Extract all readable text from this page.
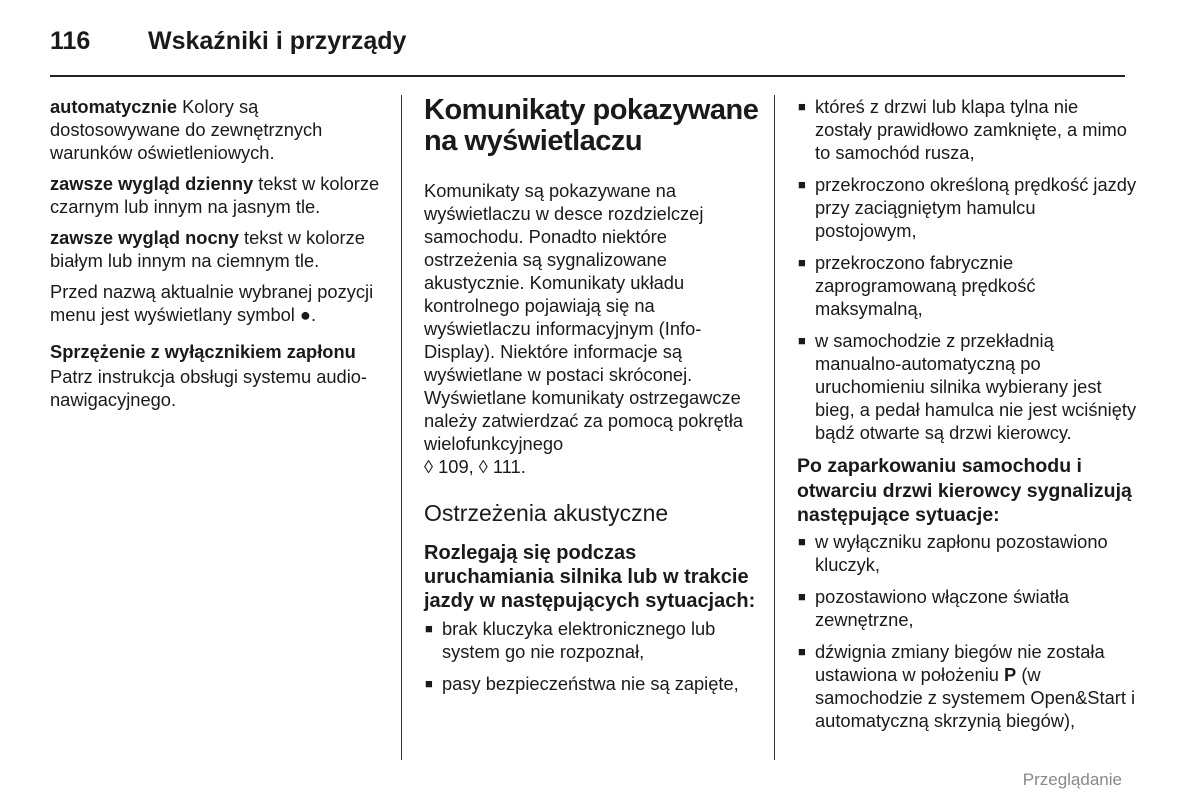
116 Wskaźniki i przyrządy

automatycznie Kolory są dostosowywane do zewnętrznych warunków oświetleniowych.

zawsze wygląd dzienny tekst w kolorze czarnym lub innym na jasnym tle.

zawsze wygląd nocny tekst w kolorze białym lub innym na ciemnym tle.

Przed nazwą aktualnie wybranej pozycji menu jest wyświetlany symbol ●.

Sprzężenie z wyłącznikiem zapłonu

Patrz instrukcja obsługi systemu audio-nawigacyjnego.

Komunikaty pokazywane na wyświetlaczu

Komunikaty są pokazywane na wyświetlaczu w desce rozdzielczej samochodu. Ponadto niektóre ostrzeżenia są sygnalizowane akustycznie. Komunikaty układu kontrolnego pojawiają się na wyświetlaczu informacyjnym (Info-Display). Niektóre informacje są wyświetlane w postaci skróconej. Wyświetlane komunikaty ostrzegawcze należy zatwierdzać za pomocą pokrętła wielofunkcyjnego
◊ 109, ◊ 111.

Ostrzeżenia akustyczne
Rozlegają się podczas uruchamiania silnika lub w trakcie jazdy w następujących sytuacjach:
■ brak kluczyka elektronicznego lub system go nie rozpoznał,
■ pasy bezpieczeństwa nie są zapięte,
■ któreś z drzwi lub klapa tylna nie zostały prawidłowo zamknięte, a mimo to samochód rusza,
■ przekroczono określoną prędkość jazdy przy zaciągniętym hamulcu postojowym,
■ przekroczono fabrycznie zaprogramowaną prędkość maksymalną,
■ w samochodzie z przekładnią manualno-automatyczną po uruchomieniu silnika wybierany jest bieg, a pedał hamulca nie jest wciśnięty bądź otwarte są drzwi kierowcy.
Po zaparkowaniu samochodu i otwarciu drzwi kierowcy sygnalizują następujące sytuacje:
■ w wyłączniku zapłonu pozostawiono kluczyk,
■ pozostawiono włączone światła zewnętrzne,
■ dźwignia zmiany biegów nie została ustawiona w położeniu P (w samochodzie z systemem Open&Start i automatyczną skrzynią biegów),
Przeglądanie
